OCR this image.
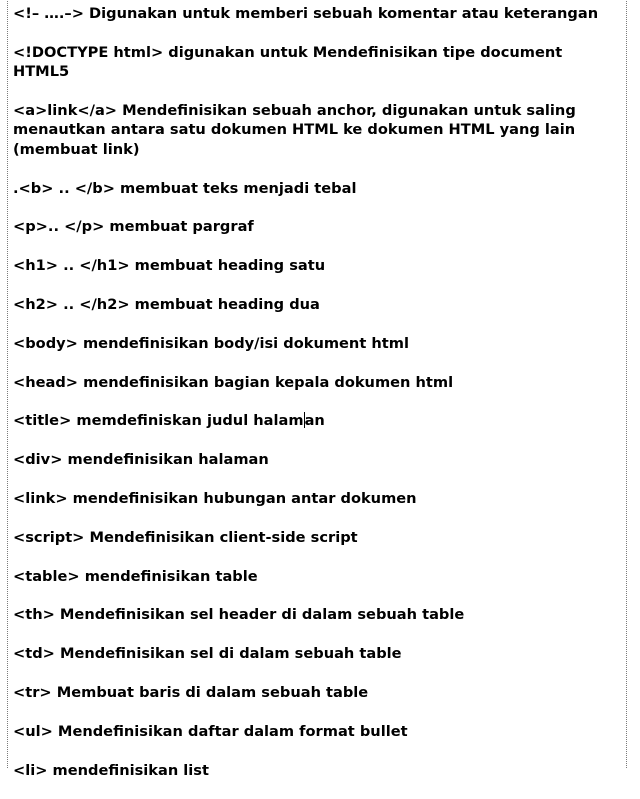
<!– ….–> Digunakan untuk memberi sebuah komentar atau keterangan

<!DOCTYPE html> digunakan untuk Mendefinisikan tipe document HTML5

<a>link</a> Mendefinisikan sebuah anchor, digunakan untuk saling menautkan antara satu dokumen HTML ke dokumen HTML yang lain (membuat link)

.<b> .. </b> membuat teks menjadi tebal

<p>.. </p> membuat pargraf

<h1> .. </h1> membuat heading satu

<h2> .. </h2> membuat heading dua

<body> mendefinisikan body/isi dokument html

<head> mendefinisikan bagian kepala dokumen html

<title> memdefiniskan judul halaman

<div> mendefinisikan halaman

<link> mendefinisikan hubungan antar dokumen

<script> Mendefinisikan client-side script

<table> mendefinisikan table

<th> Mendefinisikan sel header di dalam sebuah table

<td> Mendefinisikan sel di dalam sebuah table

<tr> Membuat baris di dalam sebuah table

<ul> Mendefinisikan daftar dalam format bullet

<li> mendefinisikan list
